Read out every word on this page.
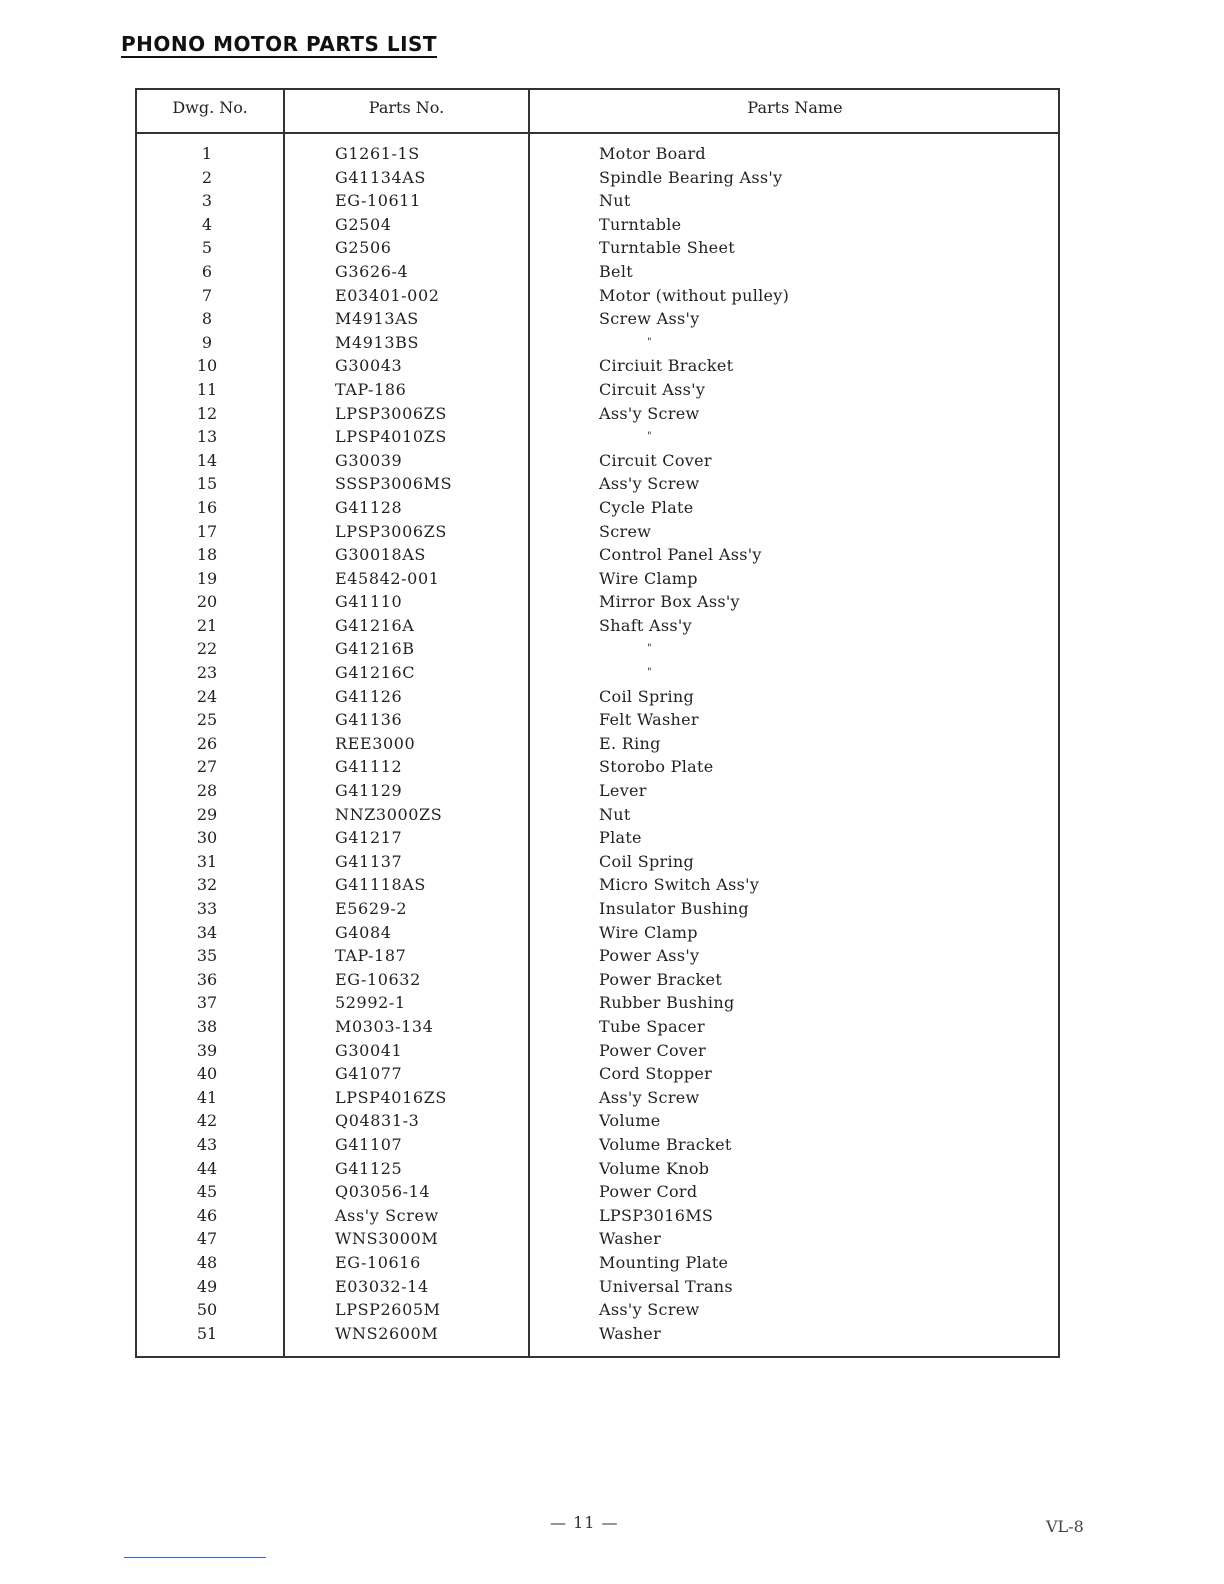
PHONO MOTOR PARTS LIST
Dwg. No.	Parts No.	Parts Name
1	G1261-1S	Motor Board
2	G41134AS	Spindle Bearing Ass'y
3	EG-10611	Nut
4	G2504	Turntable
5	G2506	Turntable Sheet
6	G3626-4	Belt
7	E03401-002	Motor (without pulley)
8	M4913AS	Screw Ass'y
9	M4913BS	"
10	G30043	Circiuit Bracket
11	TAP-186	Circuit Ass'y
12	LPSP3006ZS	Ass'y Screw
13	LPSP4010ZS	"
14	G30039	Circuit Cover
15	SSSP3006MS	Ass'y Screw
16	G41128	Cycle Plate
17	LPSP3006ZS	Screw
18	G30018AS	Control Panel Ass'y
19	E45842-001	Wire Clamp
20	G41110	Mirror Box Ass'y
21	G41216A	Shaft Ass'y
22	G41216B	"
23	G41216C	"
24	G41126	Coil Spring
25	G41136	Felt Washer
26	REE3000	E. Ring
27	G41112	Storobo Plate
28	G41129	Lever
29	NNZ3000ZS	Nut
30	G41217	Plate
31	G41137	Coil Spring
32	G41118AS	Micro Switch Ass'y
33	E5629-2	Insulator Bushing
34	G4084	Wire Clamp
35	TAP-187	Power Ass'y
36	EG-10632	Power Bracket
37	52992-1	Rubber Bushing
38	M0303-134	Tube Spacer
39	G30041	Power Cover
40	G41077	Cord Stopper
41	LPSP4016ZS	Ass'y Screw
42	Q04831-3	Volume
43	G41107	Volume Bracket
44	G41125	Volume Knob
45	Q03056-14	Power Cord
46	Ass'y Screw	LPSP3016MS
47	WNS3000M	Washer
48	EG-10616	Mounting Plate
49	E03032-14	Universal Trans
50	LPSP2605M	Ass'y Screw
51	WNS2600M	Washer
— 11 —	VL-8
